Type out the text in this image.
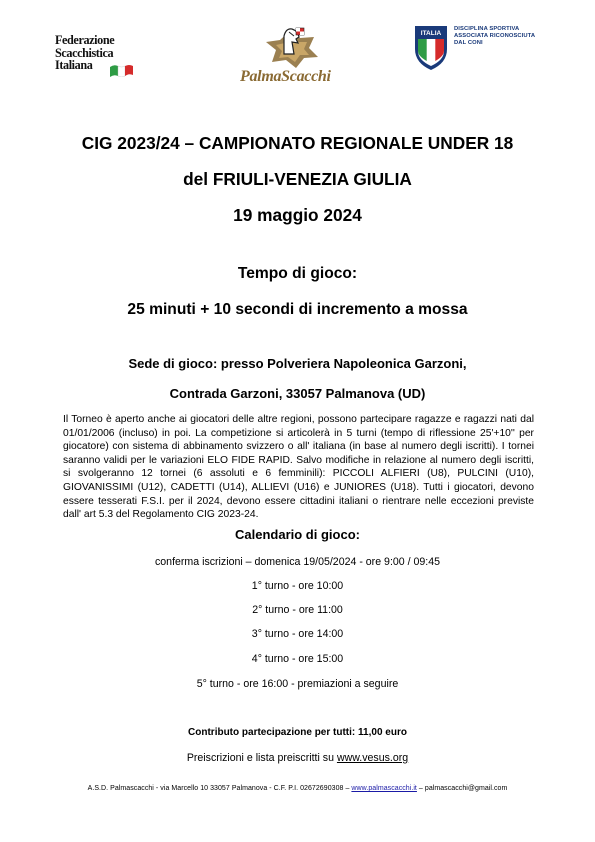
Federazione
Scacchistica
Italiana
PalmaScacchi
ITALIA
DISCIPLINA SPORTIVA
ASSOCIATA RICONOSCIUTA
DAL CONI
CIG 2023/24 – CAMPIONATO REGIONALE UNDER 18
del FRIULI-VENEZIA GIULIA
19 maggio 2024
Tempo di gioco:
25 minuti + 10 secondi di incremento a mossa
Sede di gioco: presso Polveriera Napoleonica Garzoni,
Contrada Garzoni, 33057 Palmanova (UD)
Il Torneo è aperto anche ai giocatori delle altre regioni, possono partecipare ragazze e ragazzi nati dal 01/01/2006 (incluso) in poi. La competizione si articolerà in 5 turni (tempo di riflessione 25'+10'' per giocatore) con sistema di abbinamento svizzero o all' italiana (in base al numero degli iscritti). I tornei saranno validi per le variazioni ELO FIDE RAPID. Salvo modifiche in relazione al numero degli iscritti, si svolgeranno 12 tornei (6 assoluti e 6 femminili): PICCOLI ALFIERI (U8), PULCINI (U10), GIOVANISSIMI (U12), CADETTI (U14), ALLIEVI (U16) e JUNIORES (U18). Tutti i giocatori, devono essere tesserati F.S.I. per il 2024, devono essere cittadini italiani o rientrare nelle eccezioni previste dall' art 5.3 del Regolamento CIG 2023-24.
Calendario di gioco:
conferma iscrizioni – domenica 19/05/2024 - ore 9:00 / 09:45
1° turno - ore 10:00
2° turno - ore 11:00
3° turno - ore 14:00
4° turno - ore 15:00
5° turno - ore 16:00 - premiazioni a seguire
Contributo partecipazione per tutti: 11,00 euro
Preiscrizioni e lista preiscritti su www.vesus.org
A.S.D. Palmascacchi - via Marcello 10 33057 Palmanova - C.F. P.I. 02672690308 – www.palmascacchi.it – palmascacchi@gmail.com
